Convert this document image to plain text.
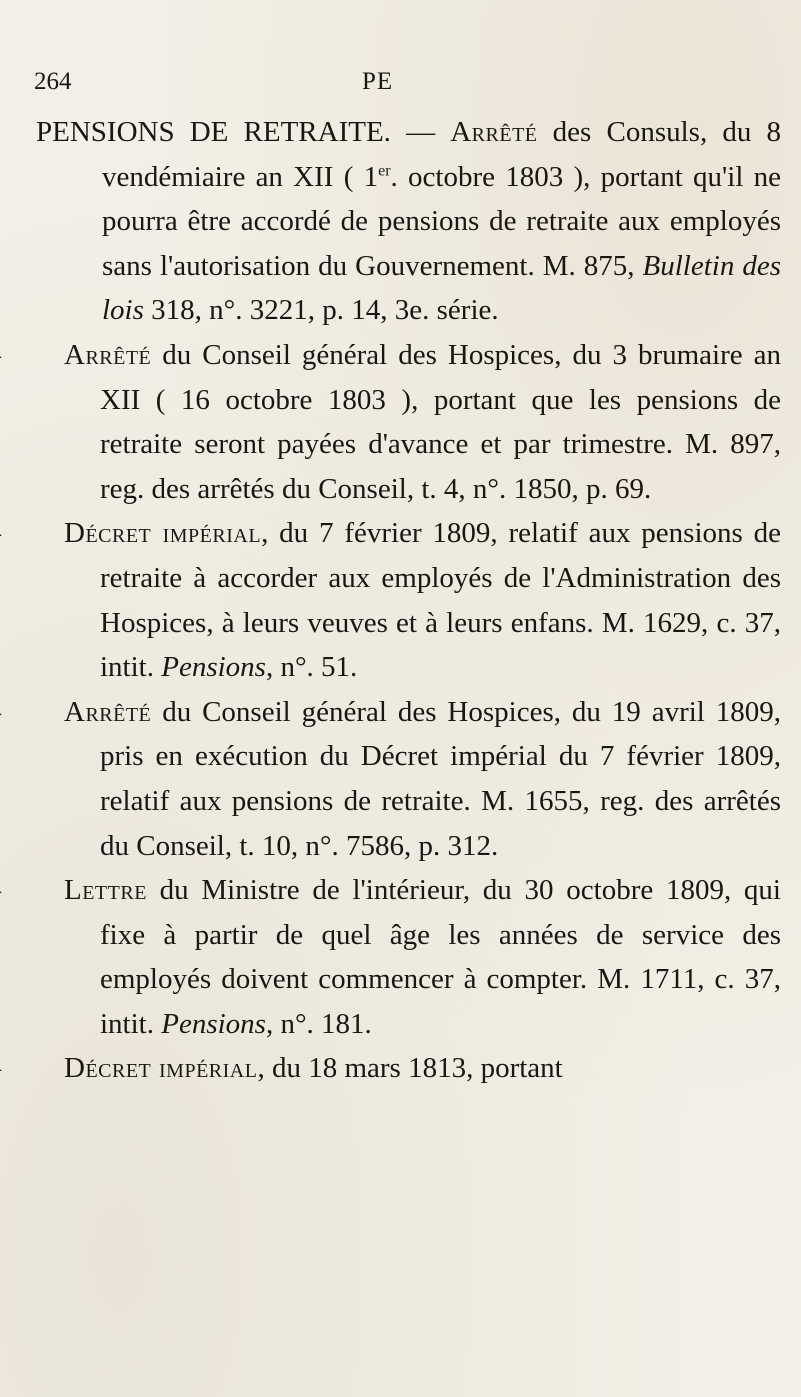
264	PE

PENSIONS DE RETRAITE. — Arrêté des Consuls, du 8 vendémiaire an XII ( 1er. octobre 1803 ), portant qu'il ne pourra être accordé de pensions de retraite aux employés sans l'autorisation du Gouvernement. M. 875, Bulletin des lois 318, n°. 3221, p. 14, 3e. série.

Arrêté du Conseil général des Hospices, du 3 brumaire an XII ( 16 octobre 1803 ), portant que les pensions de retraite seront payées d'avance et par trimestre. M. 897, reg. des arrêtés du Conseil, t. 4, n°. 1850, p. 69.

Décret impérial, du 7 février 1809, relatif aux pensions de retraite à accorder aux employés de l'Administration des Hospices, à leurs veuves et à leurs enfans. M. 1629, c. 37, intit. Pensions, n°. 51.

Arrêté du Conseil général des Hospices, du 19 avril 1809, pris en exécution du Décret impérial du 7 février 1809, relatif aux pensions de retraite. M. 1655, reg. des arrêtés du Conseil, t. 10, n°. 7586, p. 312.

Lettre du Ministre de l'intérieur, du 30 octobre 1809, qui fixe à partir de quel âge les années de service des employés doivent commencer à compter. M. 1711, c. 37, intit. Pensions, n°. 181.

Décret impérial, du 18 mars 1813, portant
